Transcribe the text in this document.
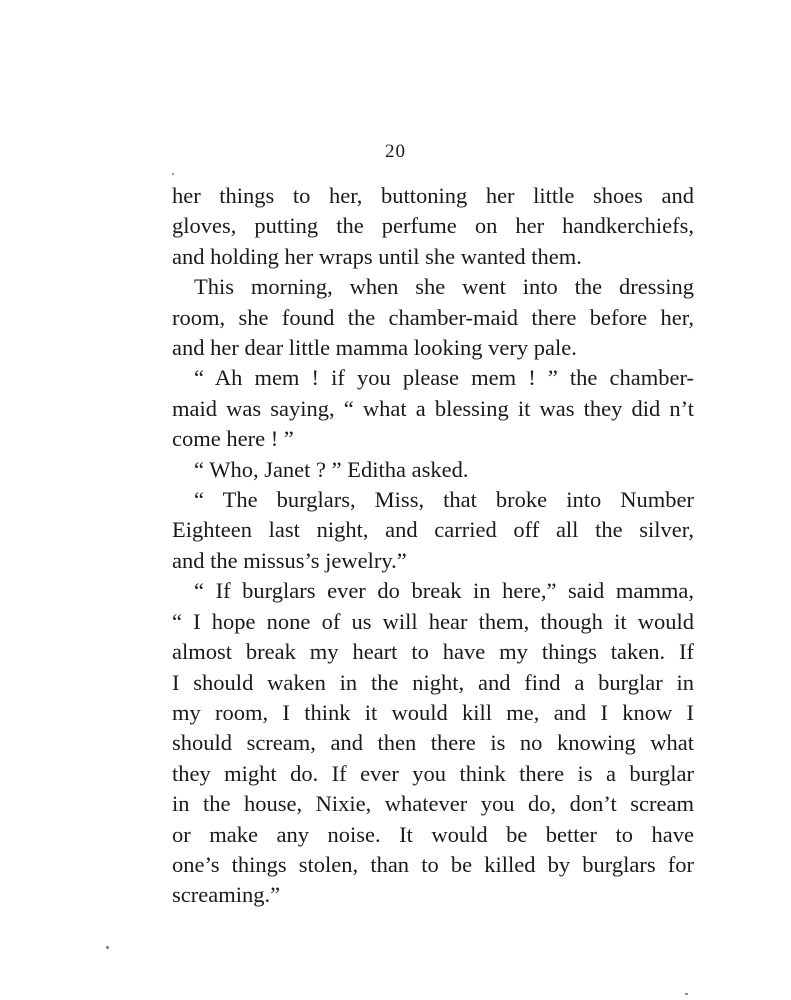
20
her things to her, buttoning her little shoes and
gloves, putting the perfume on her handkerchiefs,
and holding her wraps until she wanted them.
This morning, when she went into the dressing
room, she found the chamber-maid there before her,
and her dear little mamma looking very pale.
“ Ah mem ! if you please mem ! ” the chamber-
maid was saying, “ what a blessing it was they did n’t
come here ! ”
“ Who, Janet ? ” Editha asked.
“ The burglars, Miss, that broke into Number
Eighteen last night, and carried off all the silver,
and the missus’s jewelry.”
“ If burglars ever do break in here,” said mamma,
“ I hope none of us will hear them, though it would
almost break my heart to have my things taken. If
I should waken in the night, and find a burglar in
my room, I think it would kill me, and I know I
should scream, and then there is no knowing what
they might do. If ever you think there is a burglar
in the house, Nixie, whatever you do, don’t scream
or make any noise. It would be better to have
one’s things stolen, than to be killed by burglars for
screaming.”
